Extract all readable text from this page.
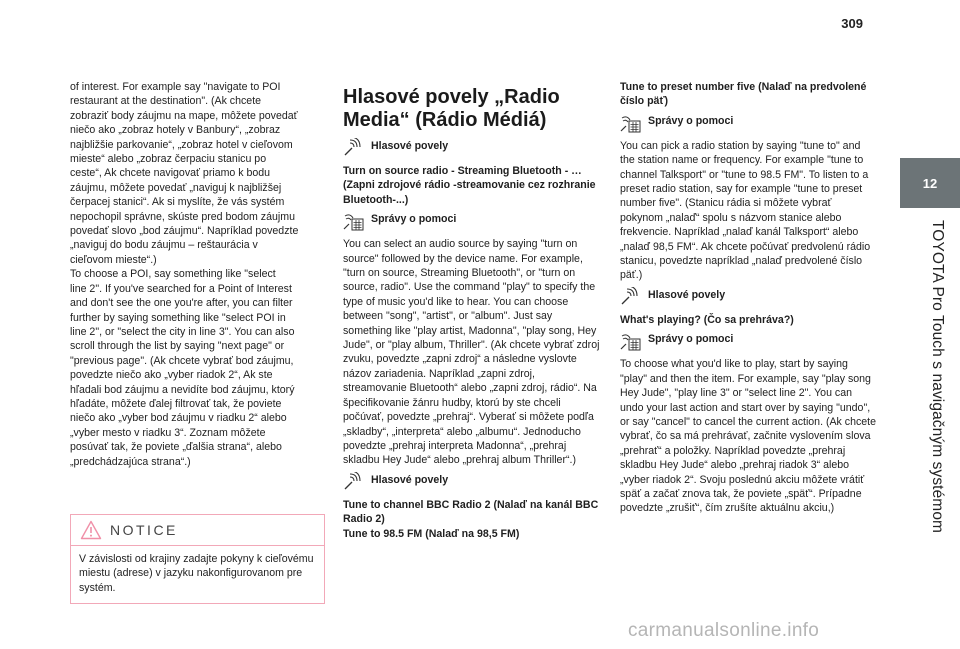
309
12
TOYOTA Pro Touch s navigačným systémom

of interest. For example say "navigate to POI
restaurant at the destination". (Ak chcete
zobraziť body záujmu na mape, môžete povedať
niečo ako „zobraz hotely v Banbury“, „zobraz
najbližšie parkovanie“, „zobraz hotel v cieľovom
mieste“ alebo „zobraz čerpaciu stanicu po
ceste“, Ak chcete navigovať priamo k bodu
záujmu, môžete povedať „naviguj k najbližšej
čerpacej stanici“. Ak si myslíte, že vás systém
nepochopil správne, skúste pred bodom záujmu
povedať slovo „bod záujmu“. Napríklad povedzte
„naviguj do bodu záujmu – reštaurácia v
cieľovom mieste“.)
To choose a POI, say something like "select
line 2". If you've searched for a Point of Interest
and don't see the one you're after, you can filter
further by saying something like "select POI in
line 2", or "select the city in line 3". You can also
scroll through the list by saying "next page" or
"previous page". (Ak chcete vybrať bod záujmu,
povedzte niečo ako „vyber riadok 2“, Ak ste
hľadali bod záujmu a nevidíte bod záujmu, ktorý
hľadáte, môžete ďalej filtrovať tak, že poviete
niečo ako „vyber bod záujmu v riadku 2“ alebo
„vyber mesto v riadku 3“. Zoznam môžete
posúvať tak, že poviete „ďalšia strana“, alebo
„predchádzajúca strana“.)

NOTICE
V závislosti od krajiny zadajte pokyny k cieľovému miestu (adrese) v jazyku nakonfigurovanom pre systém.
Hlasové povely „Radio Media“ (Rádio Médiá)
Hlasové povely

Turn on source radio - Streaming Bluetooth - … (Zapni zdrojové rádio -streamovanie cez rozhranie Bluetooth-...)

Správy o pomoci

You can select an audio source by saying "turn on source" followed by the device name. For example, "turn on source, Streaming Bluetooth", or "turn on source, radio". Use the command "play" to specify the type of music you'd like to hear. You can choose between "song", "artist", or "album". Just say something like "play artist, Madonna", "play song, Hey Jude", or "play album, Thriller". (Ak chcete vybrať zdroj zvuku, povedzte „zapni zdroj“ a následne vyslovte názov zariadenia. Napríklad „zapni zdroj, streamovanie Bluetooth“ alebo „zapni zdroj, rádio“. Na špecifikovanie žánru hudby, ktorú by ste chceli počúvať, povedzte „prehraj“. Vyberať si môžete podľa „skladby“, „interpreta“ alebo „albumu“. Jednoducho povedzte „prehraj interpreta Madonna“, „prehraj skladbu Hey Jude“ alebo „prehraj album Thriller“.)

Hlasové povely

Tune to channel BBC Radio 2 (Nalaď na kanál BBC Radio 2)

Tune to 98.5 FM (Nalaď na 98,5 FM)

Tune to preset number five (Nalaď na predvolené číslo päť)

Správy o pomoci

You can pick a radio station by saying "tune to" and the station name or frequency. For example "tune to channel Talksport" or "tune to 98.5 FM". To listen to a preset radio station, say for example "tune to preset number five". (Stanicu rádia si môžete vybrať pokynom „nalaď“ spolu s názvom stanice alebo frekvencie. Napríklad „nalaď kanál Talksport“ alebo „nalaď 98,5 FM“. Ak chcete počúvať predvolenú rádio stanicu, povedzte napríklad „nalaď predvolené číslo päť.)

Hlasové povely

What's playing? (Čo sa prehráva?)

Správy o pomoci

To choose what you'd like to play, start by saying "play" and then the item. For example, say "play song Hey Jude", "play line 3" or "select line 2". You can undo your last action and start over by saying "undo", or say "cancel" to cancel the current action. (Ak chcete vybrať, čo sa má prehrávať, začnite vyslovením slova „prehrať“ a položky. Napríklad povedzte „prehraj skladbu Hey Jude“ alebo „prehraj riadok 3“ alebo „vyber riadok 2“. Svoju poslednú akciu môžete vrátiť späť a začať znova tak, že poviete „späť“. Prípadne povedzte „zrušiť“, čím zrušíte aktuálnu akciu,)

carmanualsonline.info
